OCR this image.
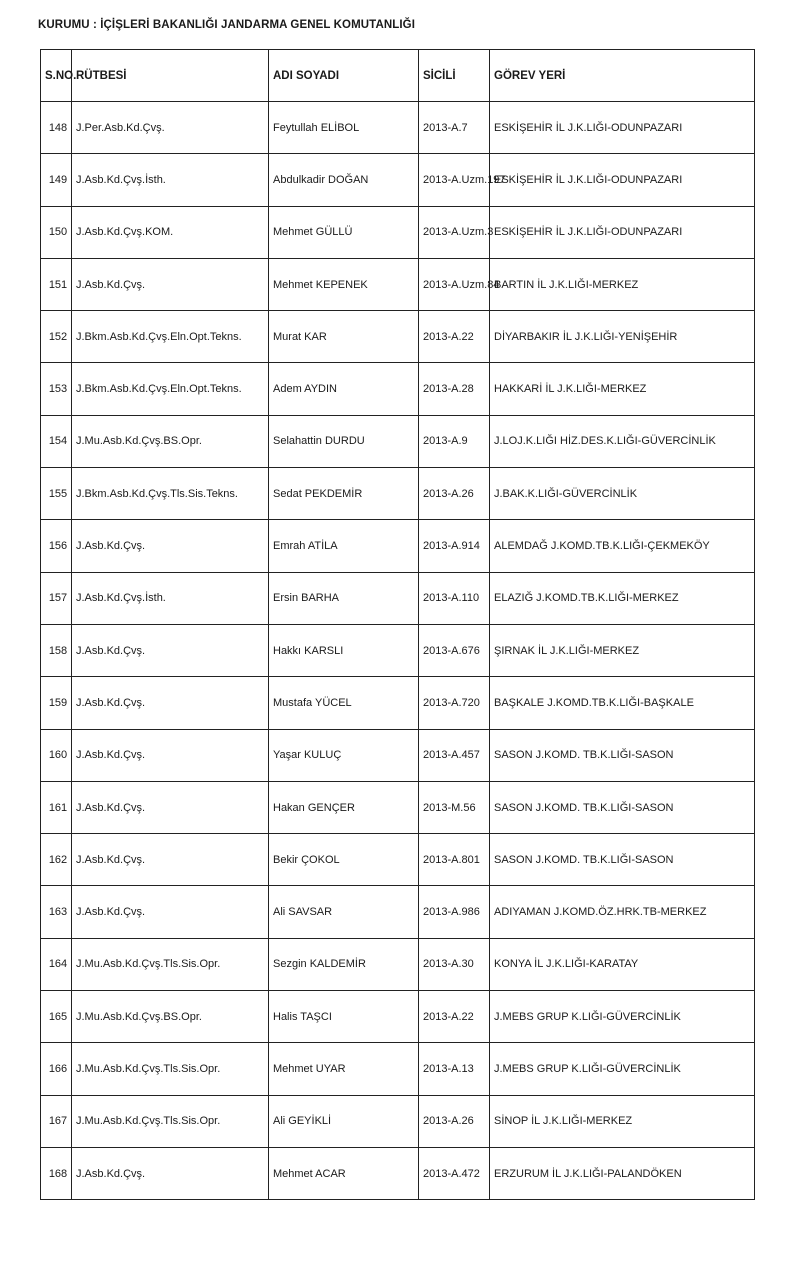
KURUMU : İÇİŞLERİ BAKANLIĞI JANDARMA GENEL KOMUTANLIĞI
S.NO.	RÜTBESİ	ADI SOYADI	SİCİLİ	GÖREV YERİ
148	J.Per.Asb.Kd.Çvş.	Feytullah ELİBOL	2013-A.7	ESKİŞEHİR İL J.K.LIĞI-ODUNPAZARI
149	J.Asb.Kd.Çvş.İsth.	Abdulkadir DOĞAN	2013-A.Uzm.197	ESKİŞEHİR İL J.K.LIĞI-ODUNPAZARI
150	J.Asb.Kd.Çvş.KOM.	Mehmet GÜLLÜ	2013-A.Uzm.3	ESKİŞEHİR İL J.K.LIĞI-ODUNPAZARI
151	J.Asb.Kd.Çvş.	Mehmet KEPENEK	2013-A.Uzm.84	BARTIN İL J.K.LIĞI-MERKEZ
152	J.Bkm.Asb.Kd.Çvş.Eln.Opt.Tekns.	Murat KAR	2013-A.22	DİYARBAKIR İL J.K.LIĞI-YENİŞEHİR
153	J.Bkm.Asb.Kd.Çvş.Eln.Opt.Tekns.	Adem AYDIN	2013-A.28	HAKKARİ İL J.K.LIĞI-MERKEZ
154	J.Mu.Asb.Kd.Çvş.BS.Opr.	Selahattin DURDU	2013-A.9	J.LOJ.K.LIĞI HİZ.DES.K.LIĞI-GÜVERCİNLİK
155	J.Bkm.Asb.Kd.Çvş.Tls.Sis.Tekns.	Sedat PEKDEMİR	2013-A.26	J.BAK.K.LIĞI-GÜVERCİNLİK
156	J.Asb.Kd.Çvş.	Emrah ATİLA	2013-A.914	ALEMDAĞ J.KOMD.TB.K.LIĞI-ÇEKMEKÖY
157	J.Asb.Kd.Çvş.İsth.	Ersin BARHA	2013-A.110	ELAZIĞ J.KOMD.TB.K.LIĞI-MERKEZ
158	J.Asb.Kd.Çvş.	Hakkı KARSLI	2013-A.676	ŞIRNAK İL J.K.LIĞI-MERKEZ
159	J.Asb.Kd.Çvş.	Mustafa YÜCEL	2013-A.720	BAŞKALE J.KOMD.TB.K.LIĞI-BAŞKALE
160	J.Asb.Kd.Çvş.	Yaşar KULUÇ	2013-A.457	SASON J.KOMD. TB.K.LIĞI-SASON
161	J.Asb.Kd.Çvş.	Hakan GENÇER	2013-M.56	SASON J.KOMD. TB.K.LIĞI-SASON
162	J.Asb.Kd.Çvş.	Bekir ÇOKOL	2013-A.801	SASON J.KOMD. TB.K.LIĞI-SASON
163	J.Asb.Kd.Çvş.	Ali SAVSAR	2013-A.986	ADIYAMAN J.KOMD.ÖZ.HRK.TB-MERKEZ
164	J.Mu.Asb.Kd.Çvş.Tls.Sis.Opr.	Sezgin KALDEMİR	2013-A.30	KONYA İL J.K.LIĞI-KARATAY
165	J.Mu.Asb.Kd.Çvş.BS.Opr.	Halis TAŞCI	2013-A.22	J.MEBS GRUP K.LIĞI-GÜVERCİNLİK
166	J.Mu.Asb.Kd.Çvş.Tls.Sis.Opr.	Mehmet UYAR	2013-A.13	J.MEBS GRUP K.LIĞI-GÜVERCİNLİK
167	J.Mu.Asb.Kd.Çvş.Tls.Sis.Opr.	Ali GEYİKLİ	2013-A.26	SİNOP İL J.K.LIĞI-MERKEZ
168	J.Asb.Kd.Çvş.	Mehmet ACAR	2013-A.472	ERZURUM İL J.K.LIĞI-PALANDÖKEN
